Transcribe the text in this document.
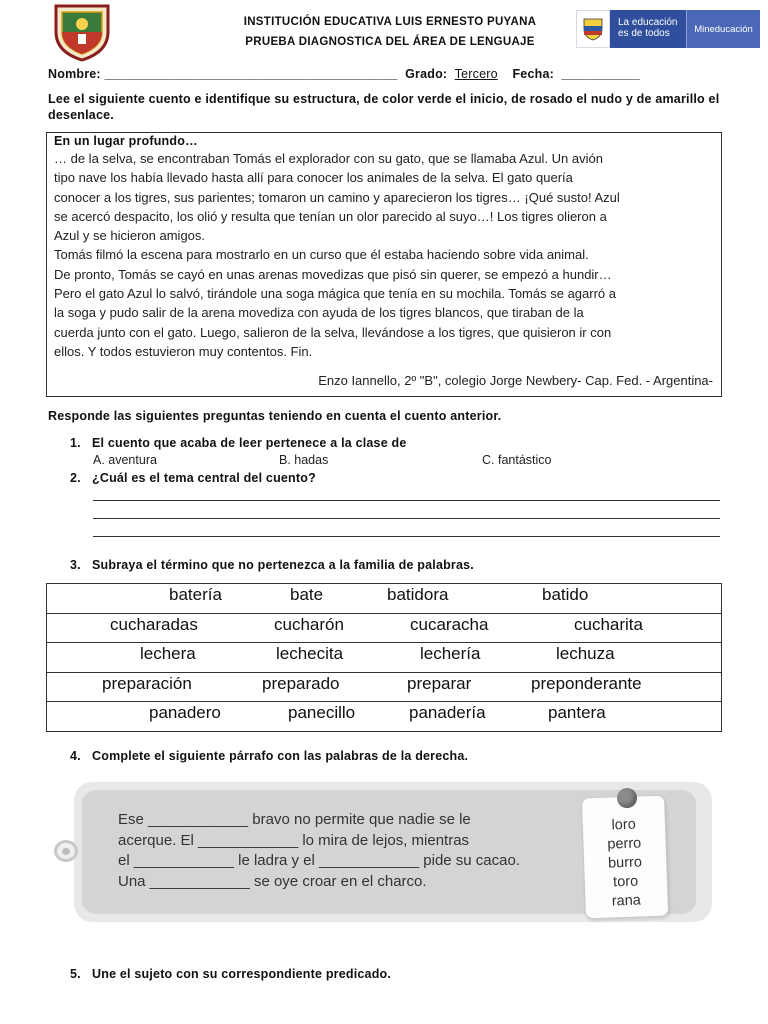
INSTITUCIÓN EDUCATIVA LUIS ERNESTO PUYANA
PRUEBA DIAGNOSTICA DEL ÁREA DE LENGUAJE
La educación
es de todos	Mineducación
Nombre: _________________________________________ Grado: Tercero Fecha: ___________
Lee el siguiente cuento e identifique su estructura, de color verde el inicio, de rosado el nudo y de amarillo el desenlace.
En un lugar profundo…

… de la selva, se encontraban Tomás el explorador con su gato, que se llamaba Azul. Un avión

tipo nave los había llevado hasta allí para conocer los animales de la selva. El gato quería

conocer a los tigres, sus parientes; tomaron un camino y aparecieron los tigres… ¡Qué susto! Azul

se acercó despacito, los olió y resulta que tenían un olor parecido al suyo…! Los tigres olieron a

Azul y se hicieron amigos.

Tomás filmó la escena para mostrarlo en un curso que él estaba haciendo sobre vida animal.

De pronto, Tomás se cayó en unas arenas movedizas que pisó sin querer, se empezó a hundir…

Pero el gato Azul lo salvó, tirándole una soga mágica que tenía en su mochila. Tomás se agarró a

la soga y pudo salir de la arena movediza con ayuda de los tigres blancos, que tiraban de la

cuerda junto con el gato. Luego, salieron de la selva, llevándose a los tigres, que quisieron ir con

ellos. Y todos estuvieron muy contentos. Fin.

Enzo Iannello, 2º "B", colegio Jorge Newbery- Cap. Fed. - Argentina-
Responde las siguientes preguntas teniendo en cuenta el cuento anterior.
1. El cuento que acaba de leer pertenece a la clase de
A. aventura	B. hadas	C. fantástico
2. ¿Cuál es el tema central del cuento?
3. Subraya el término que no pertenezca a la familia de palabras.
batería	bate	batidora	batido

cucharadas	cucharón	cucaracha	cucharita

lechera	lechecita	lechería	lechuza

preparación	preparado	preparar	preponderante

panadero	panecillo	panadería	pantera
4. Complete el siguiente párrafo con las palabras de la derecha.
Ese ____________ bravo no permite que nadie se le
acerque. El ____________ lo mira de lejos, mientras
el ____________ le ladra y el ____________ pide su cacao.
Una ____________ se oye croar en el charco.
loro
perro
burro
toro
rana
5. Une el sujeto con su correspondiente predicado.
